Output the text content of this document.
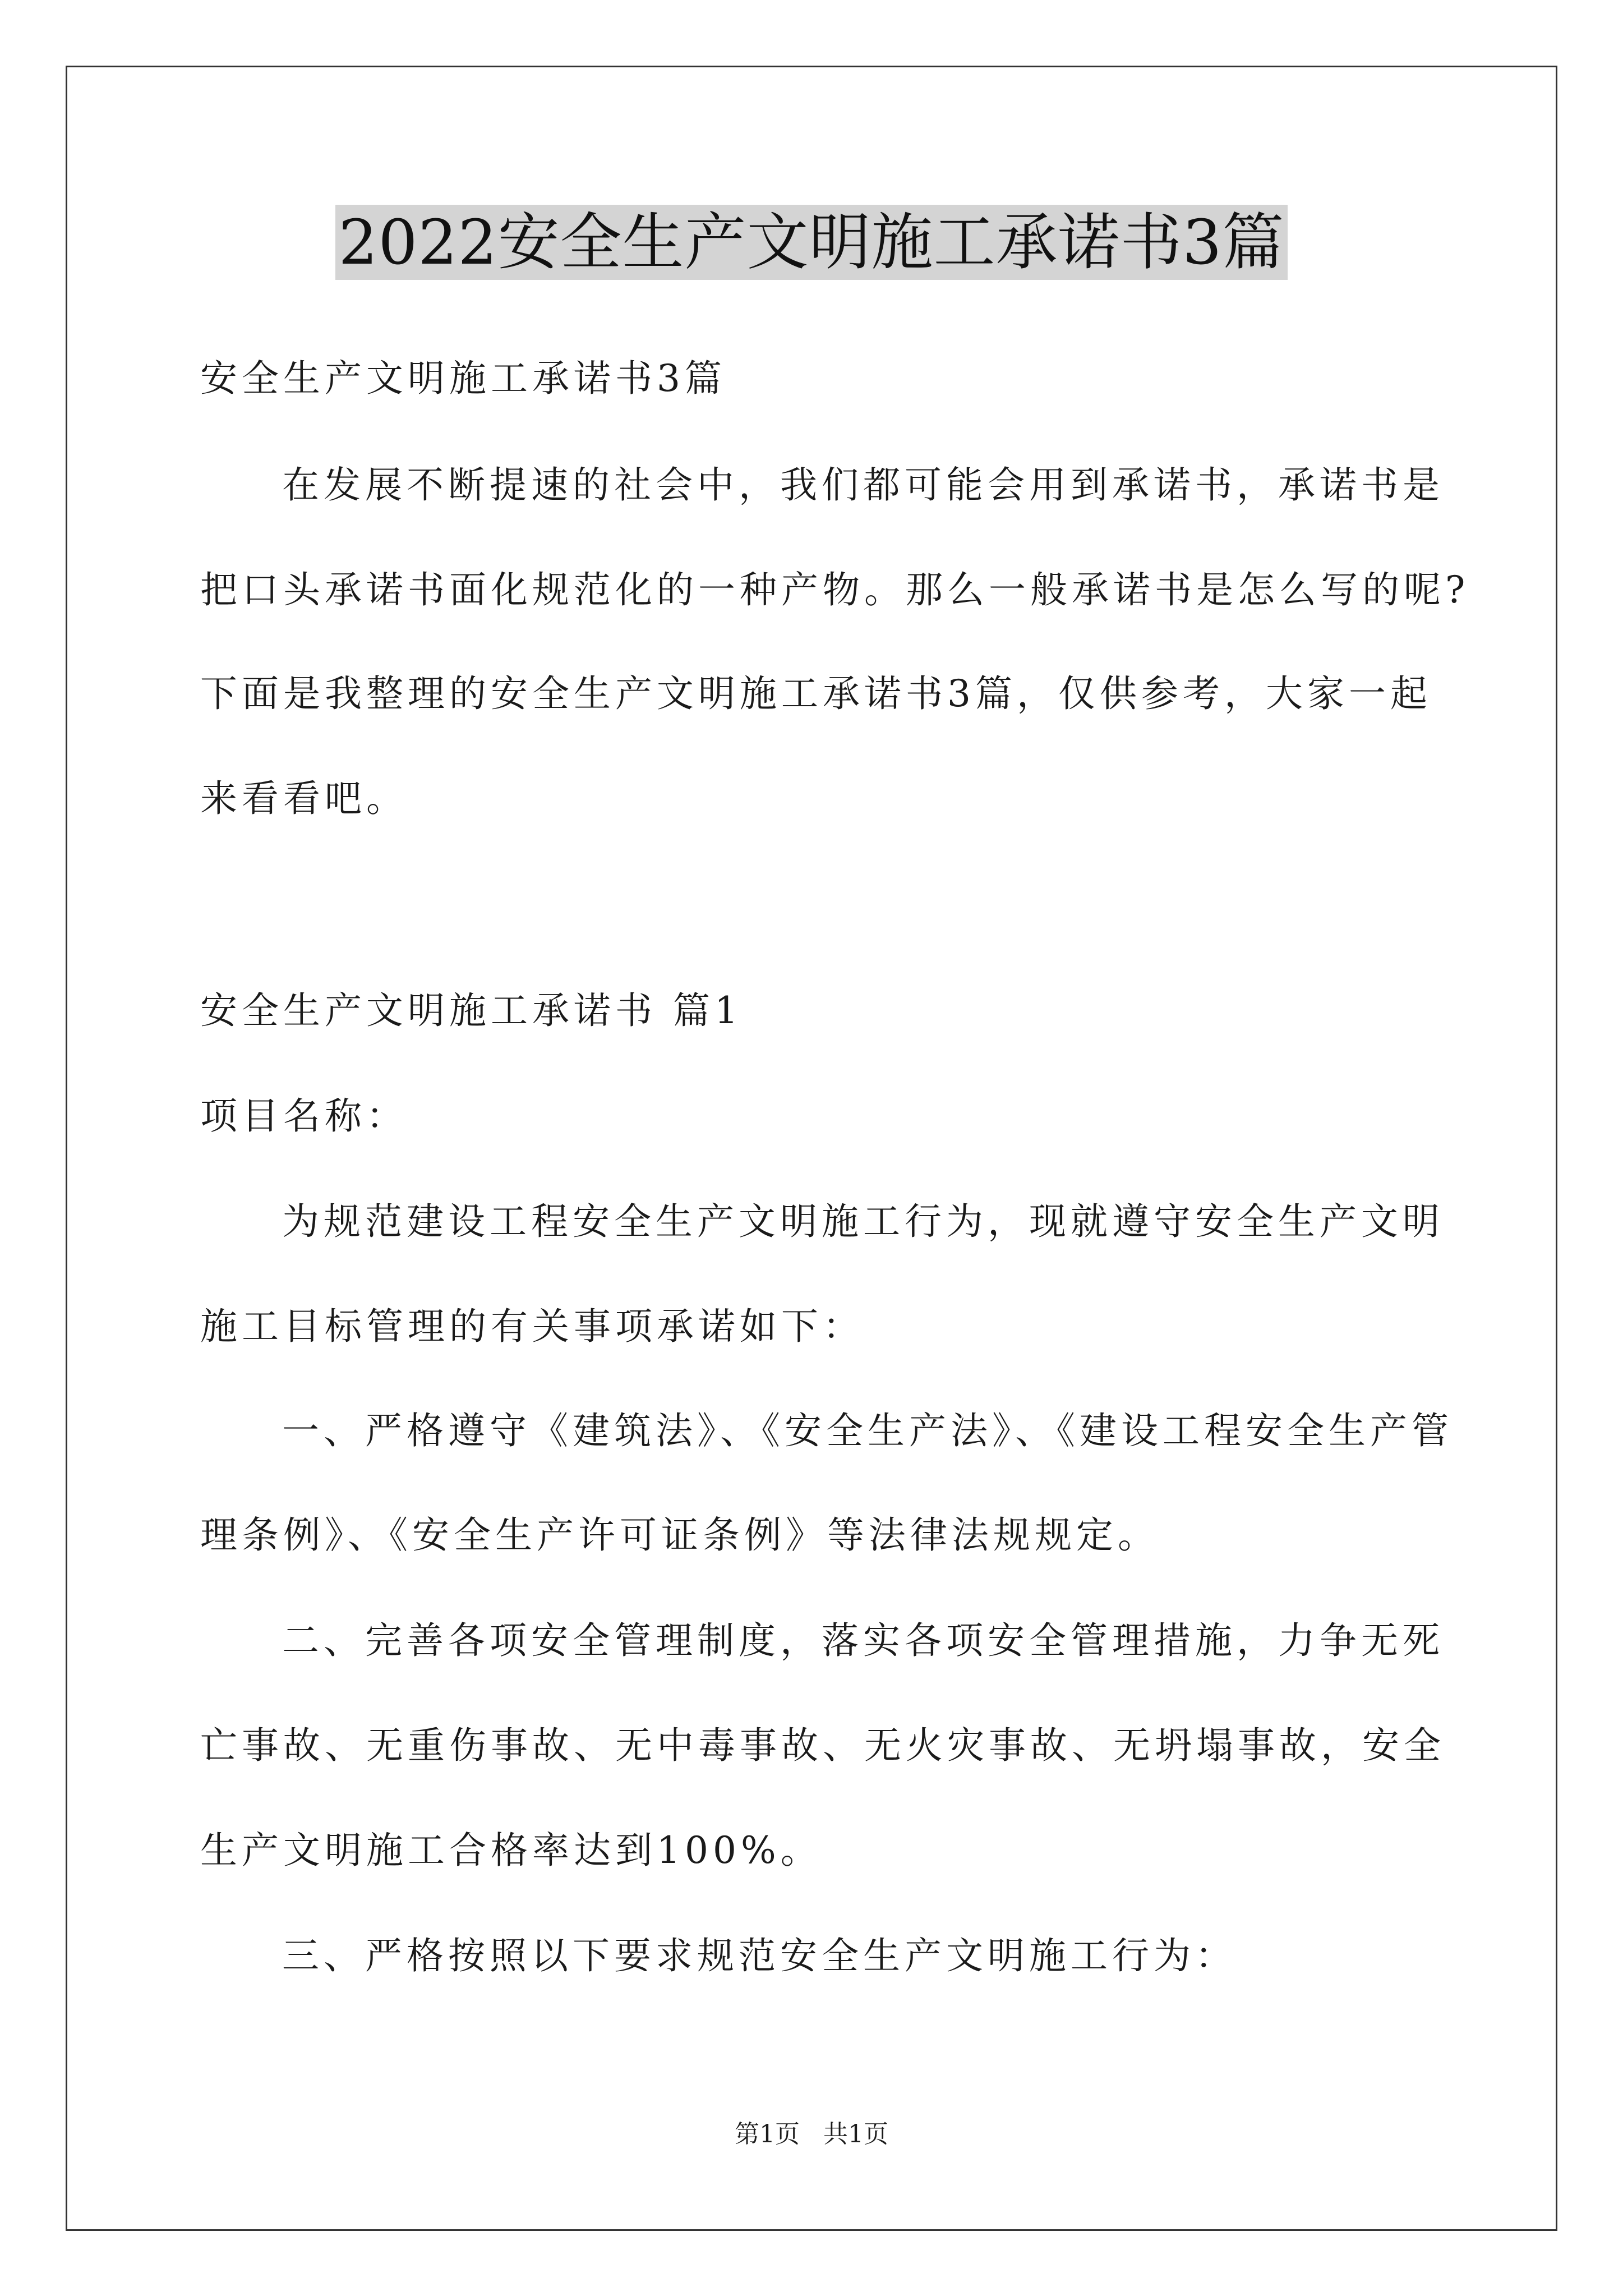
2022安全生产文明施工承诺书3篇
安全生产文明施工承诺书3篇
在发展不断提速的社会中，我们都可能会用到承诺书，承诺书是
把口头承诺书面化规范化的一种产物。那么一般承诺书是怎么写的呢?
下面是我整理的安全生产文明施工承诺书3篇，仅供参考，大家一起
来看看吧。
安全生产文明施工承诺书 篇1
项目名称：
为规范建设工程安全生产文明施工行为，现就遵守安全生产文明
施工目标管理的有关事项承诺如下：
一、严格遵守《建筑法》、《安全生产法》、《建设工程安全生产管
理条例》、《安全生产许可证条例》等法律法规规定。
二、完善各项安全管理制度，落实各项安全管理措施，力争无死
亡事故、无重伤事故、无中毒事故、无火灾事故、无坍塌事故，安全
生产文明施工合格率达到100%。
三、严格按照以下要求规范安全生产文明施工行为：
第1页   共1页
